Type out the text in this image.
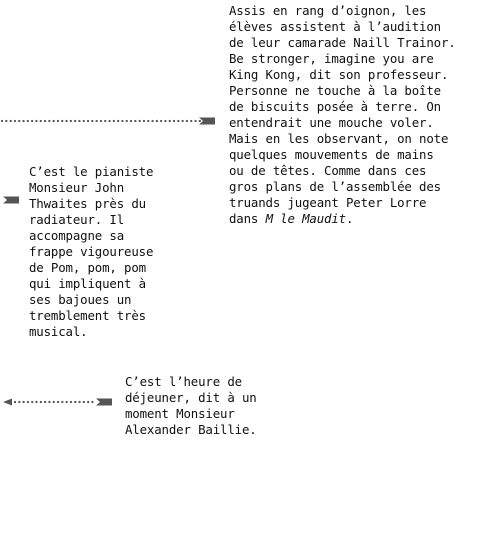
Assis en rang d’oignon, les
élèves assistent à l’audition
de leur camarade Naill Trainor.
Be stronger, imagine you are
King Kong, dit son professeur.
Personne ne touche à la boîte
de biscuits posée à terre. On
entendrait une mouche voler.
Mais en les observant, on note
quelques mouvements de mains
ou de têtes. Comme dans ces
gros plans de l’assemblée des
truands jugeant Peter Lorre
dans M le Maudit.
C’est le pianiste
Monsieur John
Thwaites près du
radiateur. Il
accompagne sa
frappe vigoureuse
de Pom, pom, pom
qui impliquent à
ses bajoues un
tremblement très
musical.
C’est l’heure de
déjeuner, dit à un
moment Monsieur
Alexander Baillie.
